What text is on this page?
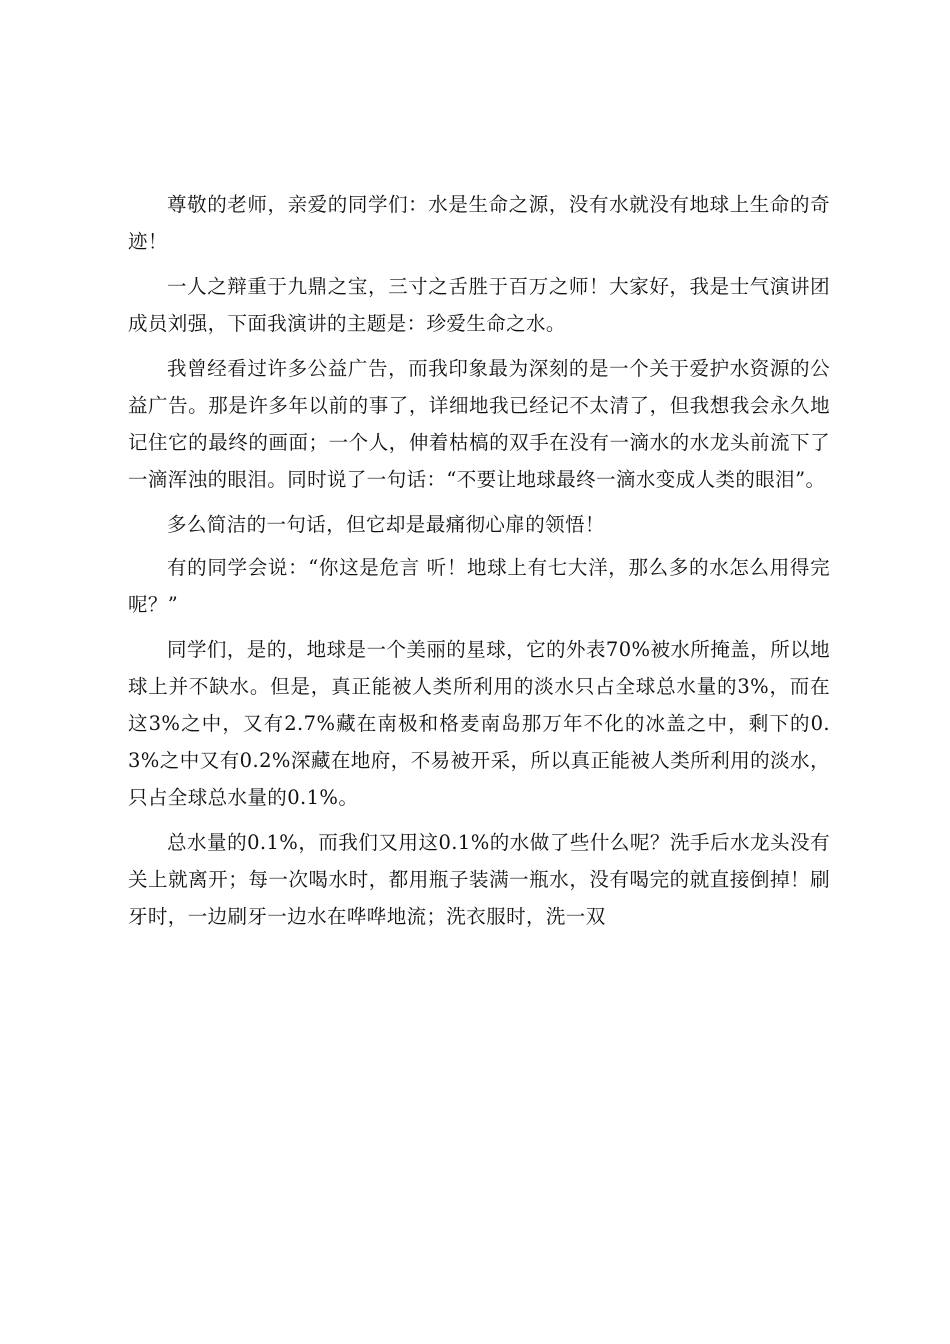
尊敬的老师，亲爱的同学们：水是生命之源，没有水就没有地球上生命的奇迹！

一人之辩重于九鼎之宝，三寸之舌胜于百万之师！大家好，我是士气演讲团成员刘强，下面我演讲的主题是：珍爱生命之水。

我曾经看过许多公益广告，而我印象最为深刻的是一个关于爱护水资源的公益广告。那是许多年以前的事了，详细地我已经记不太清了，但我想我会永久地记住它的最终的画面；一个人，伸着枯槁的双手在没有一滴水的水龙头前流下了一滴浑浊的眼泪。同时说了一句话：“不要让地球最终一滴水变成人类的眼泪”。

多么简洁的一句话，但它却是最痛彻心扉的领悟！

有的同学会说：“你这是危言 听！地球上有七大洋，那么多的水怎么用得完呢？”

同学们，是的，地球是一个美丽的星球，它的外表70%被水所掩盖，所以地球上并不缺水。但是，真正能被人类所利用的淡水只占全球总水量的3%，而在这3%之中，又有2.7%藏在南极和格麦南岛那万年不化的冰盖之中，剩下的0.3%之中又有0.2%深藏在地府，不易被开采，所以真正能被人类所利用的淡水，只占全球总水量的0.1%。

总水量的0.1%，而我们又用这0.1%的水做了些什么呢？洗手后水龙头没有关上就离开；每一次喝水时，都用瓶子装满一瓶水，没有喝完的就直接倒掉！刷牙时，一边刷牙一边水在哗哗地流；洗衣服时，洗一双
